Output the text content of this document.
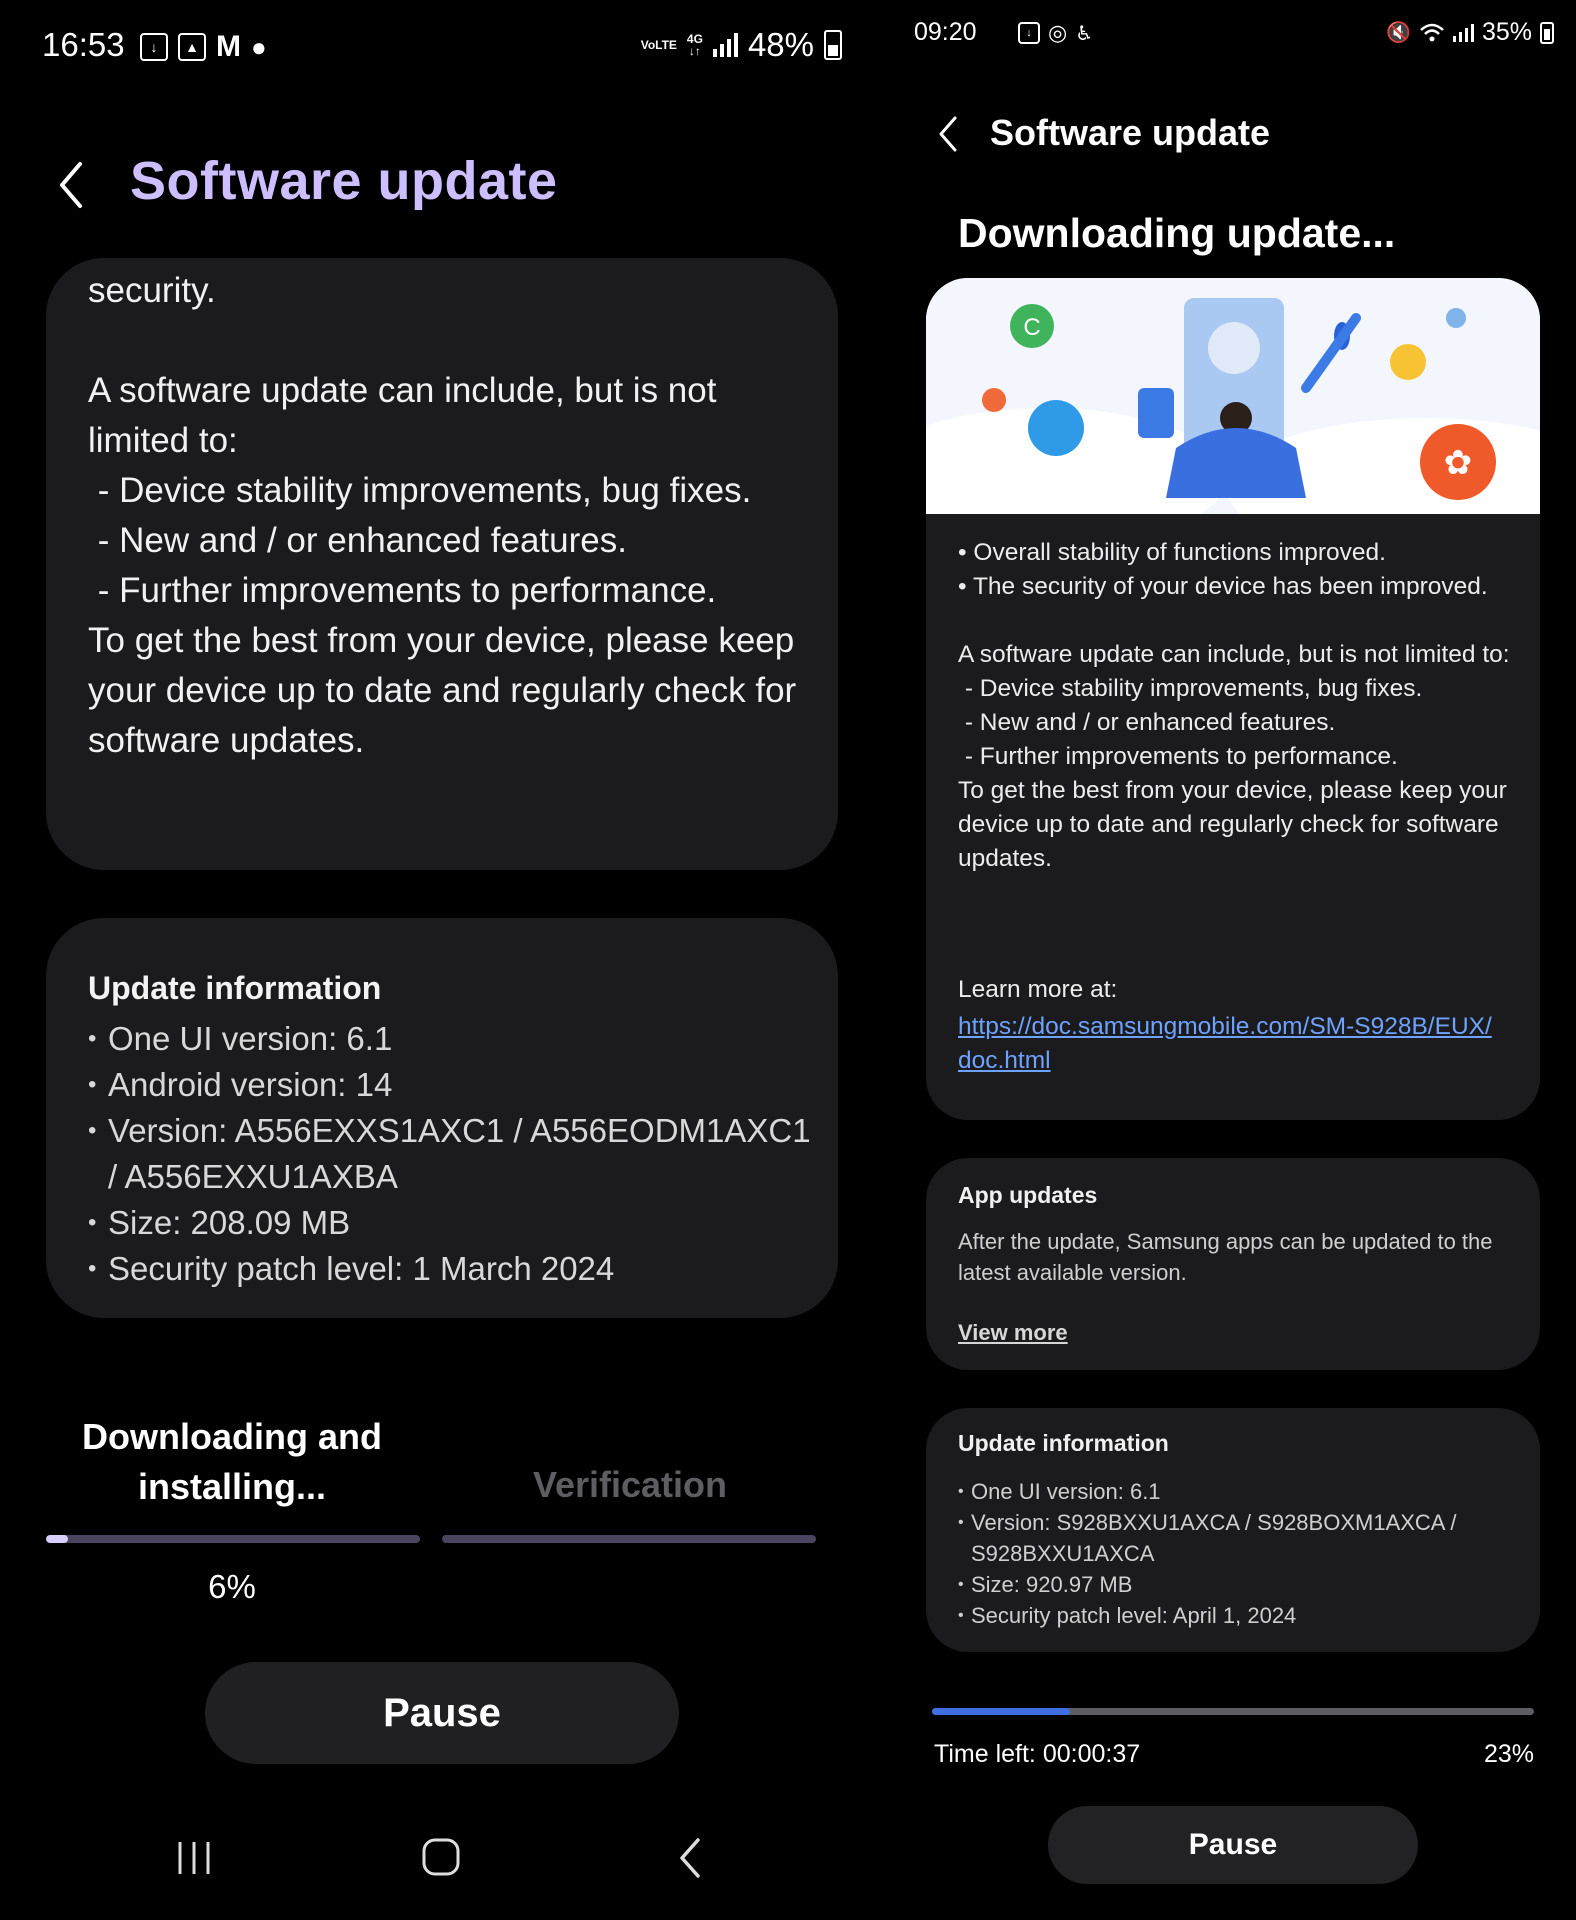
16:53	↓	▲ M ●	VoLTE 4G
↓↑ 48%
Software update
security.

A software update can include, but is not limited to:
- Device stability improvements, bug fixes.
- New and / or enhanced features.
- Further improvements to performance.
To get the best from your device, please keep your device up to date and regularly check for software updates.
Update information
• One UI version: 6.1
• Android version: 14
• Version: A556EXXS1AXC1 / A556EODM1AXC1 / A556EXXU1AXBA
• Size: 208.09 MB
• Security patch level: 1 March 2024
Downloading and installing...	Verification
6%
Pause
09:20	↓ ◎ ♿	🔇	35%
Software update
Downloading update...
C
✿
• Overall stability of functions improved.
• The security of your device has been improved.

A software update can include, but is not limited to:
- Device stability improvements, bug fixes.
- New and / or enhanced features.
- Further improvements to performance.
To get the best from your device, please keep your device up to date and regularly check for software updates.
Learn more at:
https://doc.samsungmobile.com/SM-S928B/EUX/doc.html
App updates
After the update, Samsung apps can be updated to the latest available version.
View more
Update information
• One UI version: 6.1
• Version: S928BXXU1AXCA / S928BOXM1AXCA / S928BXXU1AXCA
• Size: 920.97 MB
• Security patch level: April 1, 2024
Time left: 00:00:37	23%
Pause
